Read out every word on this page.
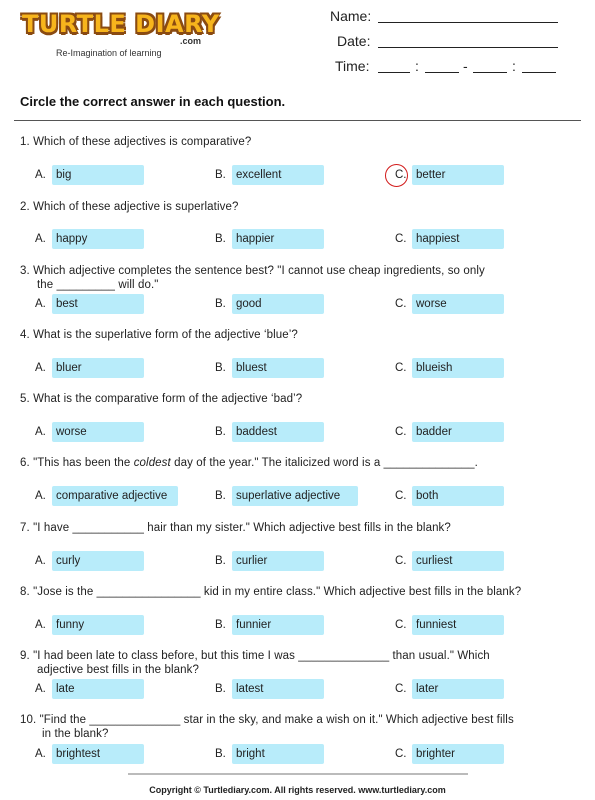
TURTLE DIARY
.com
Re-Imagination of learning
Name:
Date:
Time:	:	-	:
Circle the correct answer in each question.
1. Which of these adjectives is comparative?
A. big	B. excellent	C. better
2. Which of these adjective is superlative?
A. happy	B. happier	C. happiest
3. Which adjective completes the sentence best? "I cannot use cheap ingredients, so only
the _________ will do."
A. best	B. good	C. worse
4. What is the superlative form of the adjective ‘blue’?
A. bluer	B. bluest	C. blueish
5. What is the comparative form of the adjective ‘bad’?
A. worse	B. baddest	C. badder
6. "This has been the coldest day of the year." The italicized word is a ______________.
A. comparative adjective	B. superlative adjective	C. both
7. "I have ___________ hair than my sister." Which adjective best fills in the blank?
A. curly	B. curlier	C. curliest
8. "Jose is the ________________ kid in my entire class." Which adjective best fills in the blank?
A. funny	B. funnier	C. funniest
9. "I had been late to class before, but this time I was ______________ than usual." Which
adjective best fills in the blank?
A. late	B. latest	C. later
10. "Find the ______________ star in the sky, and make a wish on it." Which adjective best fills
in the blank?
A. brightest	B. bright	C. brighter
Copyright © Turtlediary.com. All rights reserved. www.turtlediary.com
